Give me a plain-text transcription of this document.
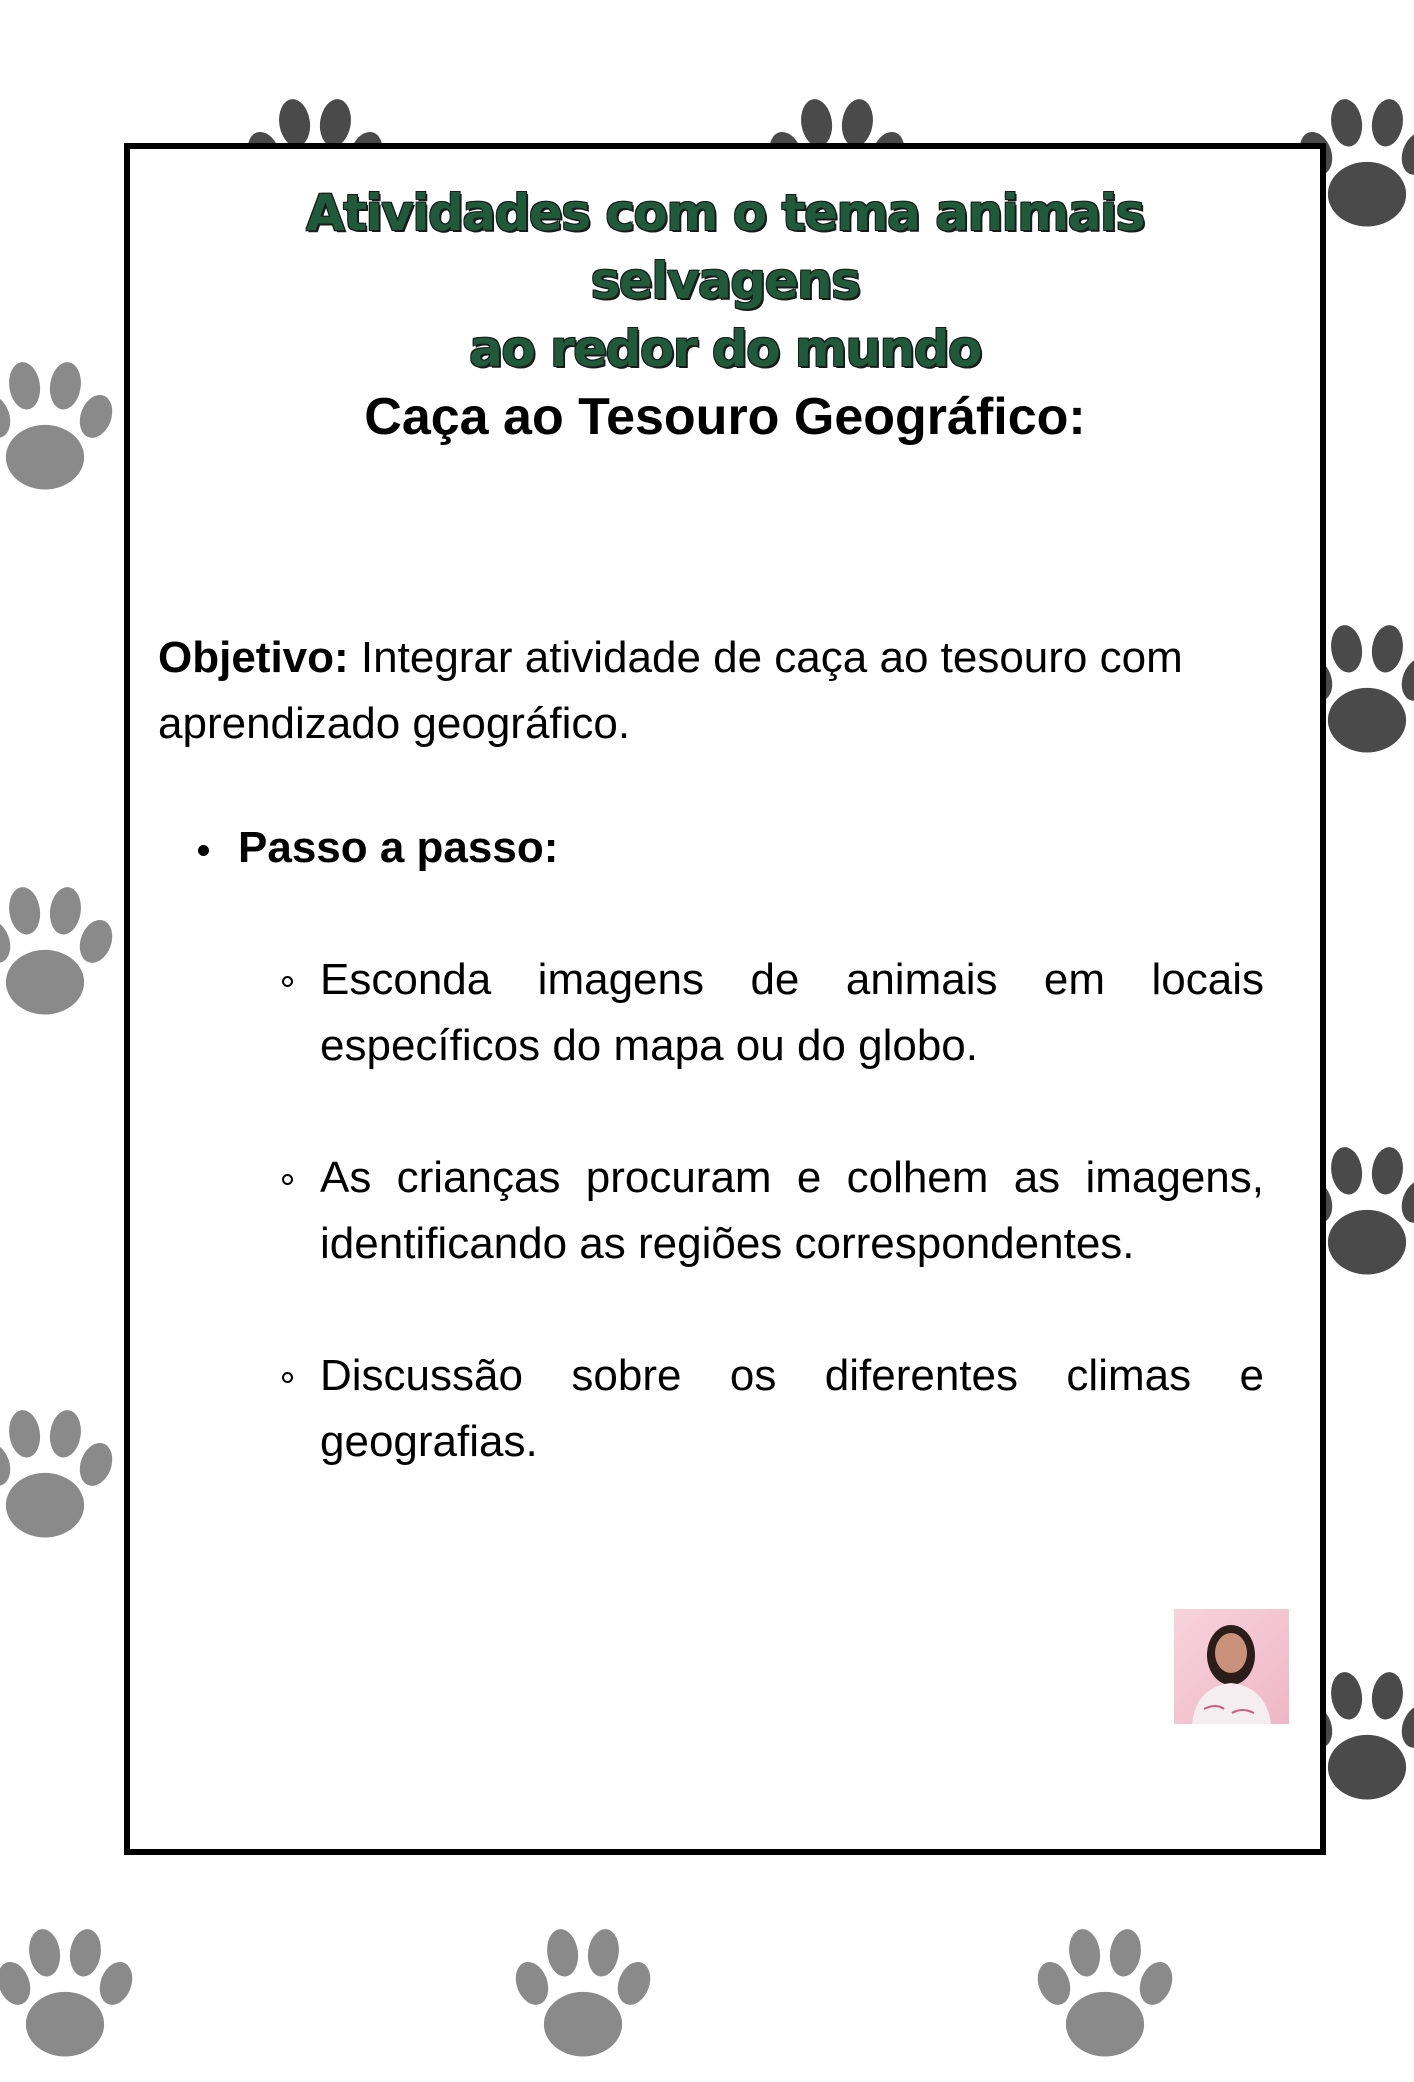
Atividades com o tema animais selvagens
ao redor do mundo
Caça ao Tesouro Geográfico:
Objetivo: Integrar atividade de caça ao tesouro com aprendizado geográfico.
Passo a passo:
Esconda imagens de animais em locais específicos do mapa ou do globo.
As crianças procuram e colhem as imagens, identificando as regiões correspondentes.
Discussão sobre os diferentes climas e geografias.
